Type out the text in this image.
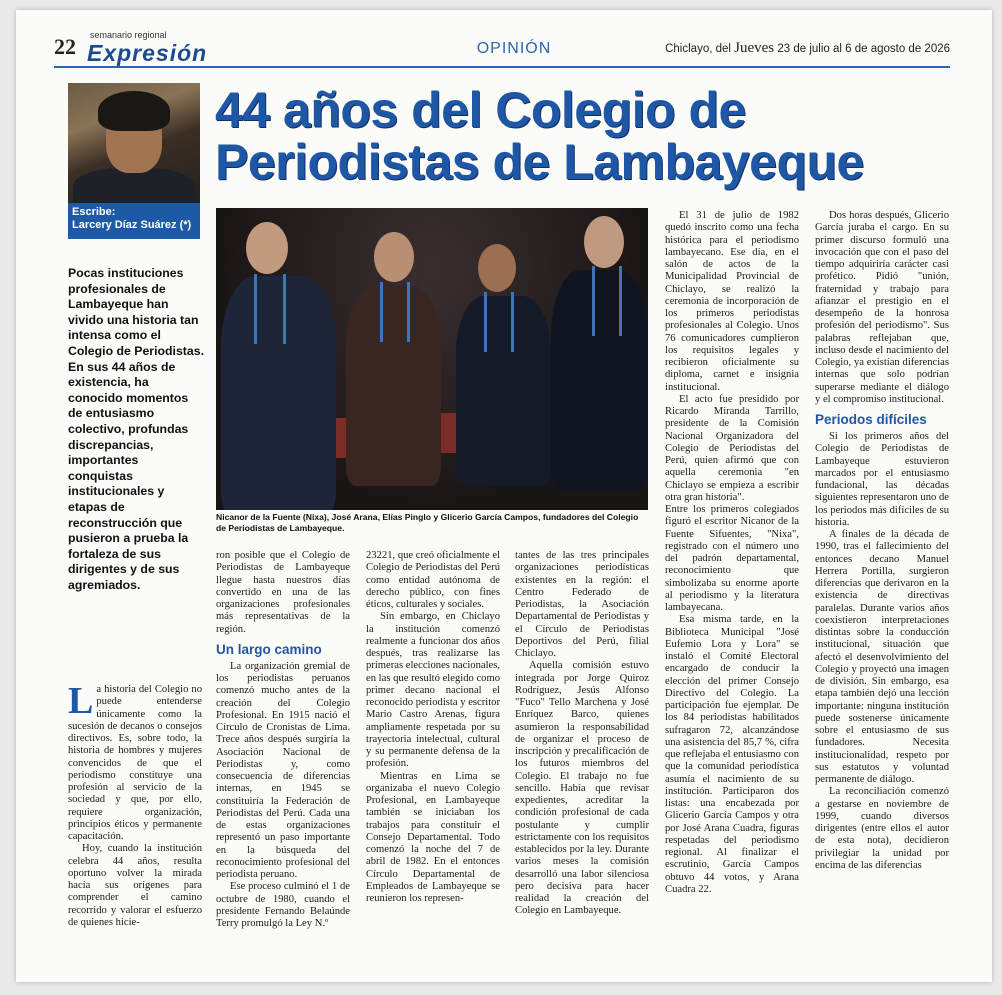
22 semanario regional
Expresión	OPINIÓN	Chiclayo, del Jueves 23 de julio al 6 de agosto de 2026
Escribe:
Larcery Díaz Suárez (*)
44 años del Colegio de Periodistas de Lambayeque
Pocas instituciones profesionales de Lambayeque han vivido una historia tan intensa como el Colegio de Periodistas. En sus 44 años de existencia, ha conocido momentos de entusiasmo colectivo, profundas discrepancias, importantes conquistas institucionales y etapas de reconstrucción que pusieron a prueba la fortaleza de sus dirigentes y de sus agremiados.
Nicanor de la Fuente (Nixa), José Arana, Elías Pinglo y Glicerio García Campos, fundadores del Colegio de Periodistas de Lambayeque.

La historia del Colegio no puede entenderse únicamente como la sucesión de decanos o consejos directivos. Es, sobre todo, la historia de hombres y mujeres convencidos de que el periodismo constituye una profesión al servicio de la sociedad y que, por ello, requiere organización, principios éticos y permanente capacitación.

Hoy, cuando la institución celebra 44 años, resulta oportuno volver la mirada hacia sus orígenes para comprender el camino recorrido y valorar el esfuerzo de quienes hicie-

ron posible que el Colegio de Periodistas de Lambayeque llegue hasta nuestros días convertido en una de las organizaciones profesionales más representativas de la región.

Un largo camino

La organización gremial de los periodistas peruanos comenzó mucho antes de la creación del Colegio Profesional. En 1915 nació el Círculo de Cronistas de Lima. Trece años después surgiría la Asociación Nacional de Periodistas y, como consecuencia de diferencias internas, en 1945 se constituiría la Federación de Periodistas del Perú. Cada una de estas organizaciones representó un paso importante en la búsqueda del reconocimiento profesional del periodista peruano.

Ese proceso culminó el 1 de octubre de 1980, cuando el presidente Fernando Belaúnde Terry promulgó la Ley N.º

23221, que creó oficialmente el Colegio de Periodistas del Perú como entidad autónoma de derecho público, con fines éticos, culturales y sociales.

Sin embargo, en Chiclayo la institución comenzó realmente a funcionar dos años después, tras realizarse las primeras elecciones nacionales, en las que resultó elegido como primer decano nacional el reconocido periodista y escritor Mario Castro Arenas, figura ampliamente respetada por su trayectoria intelectual, cultural y su permanente defensa de la profesión.

Mientras en Lima se organizaba el nuevo Colegio Profesional, en Lambayeque también se iniciaban los trabajos para constituir el Consejo Departamental. Todo comenzó la noche del 7 de abril de 1982. En el entonces Círculo Departamental de Empleados de Lambayeque se reunieron los represen-

tantes de las tres principales organizaciones periodísticas existentes en la región: el Centro Federado de Periodistas, la Asociación Departamental de Periodistas y el Círculo de Periodistas Deportivos del Perú, filial Chiclayo.

Aquella comisión estuvo integrada por Jorge Quiroz Rodríguez, Jesús Alfonso "Fuco" Tello Marchena y José Enríquez Barco, quienes asumieron la responsabilidad de organizar el proceso de inscripción y precalificación de los futuros miembros del Colegio. El trabajo no fue sencillo. Había que revisar expedientes, acreditar la condición profesional de cada postulante y cumplir estrictamente con los requisitos establecidos por la ley. Durante varios meses la comisión desarrolló una labor silenciosa pero decisiva para hacer realidad la creación del Colegio en Lambayeque.

El 31 de julio de 1982 quedó inscrito como una fecha histórica para el periodismo lambayecano. Ese día, en el salón de actos de la Municipalidad Provincial de Chiclayo, se realizó la ceremonia de incorporación de los primeros periodistas profesionales al Colegio. Unos 76 comunicadores cumplieron los requisitos legales y recibieron oficialmente su diploma, carnet e insignia institucional.

El acto fue presidido por Ricardo Miranda Tarrillo, presidente de la Comisión Nacional Organizadora del Colegio de Periodistas del Perú, quien afirmó que con aquella ceremonia "en Chiclayo se empieza a escribir otra gran historia".

Entre los primeros colegiados figuró el escritor Nicanor de la Fuente Sifuentes, "Nixa", registrado con el número uno del padrón departamental, reconocimiento que simbolizaba su enorme aporte al periodismo y la literatura lambayecana.

Esa misma tarde, en la Biblioteca Municipal "José Eufemio Lora y Lora" se instaló el Comité Electoral encargado de conducir la elección del primer Consejo Directivo del Colegio. La participación fue ejemplar. De los 84 periodistas habilitados sufragaron 72, alcanzándose una asistencia del 85,7 %, cifra que reflejaba el entusiasmo con que la comunidad periodística asumía el nacimiento de su institución. Participaron dos listas: una encabezada por Glicerio García Campos y otra por José Arana Cuadra, figuras respetadas del periodismo regional. Al finalizar el escrutinio, García Campos obtuvo 44 votos, y Arana Cuadra 22.

Dos horas después, Glicerio García juraba el cargo. En su primer discurso formuló una invocación que con el paso del tiempo adquiriría carácter casi profético. Pidió "unión, fraternidad y trabajo para afianzar el prestigio en el desempeño de la honrosa profesión del periodismo". Sus palabras reflejaban que, incluso desde el nacimiento del Colegio, ya existían diferencias internas que solo podrían superarse mediante el diálogo y el compromiso institucional.

Periodos difíciles

Si los primeros años del Colegio de Periodistas de Lambayeque estuvieron marcados por el entusiasmo fundacional, las décadas siguientes representaron uno de los periodos más difíciles de su historia.

A finales de la década de 1990, tras el fallecimiento del entonces decano Manuel Herrera Portilla, surgieron diferencias que derivaron en la existencia de directivas paralelas. Durante varios años coexistieron interpretaciones distintas sobre la conducción institucional, situación que afectó el desenvolvimiento del Colegio y proyectó una imagen de división. Sin embargo, esa etapa también dejó una lección importante: ninguna institución puede sostenerse únicamente sobre el entusiasmo de sus fundadores. Necesita institucionalidad, respeto por sus estatutos y voluntad permanente de diálogo.

La reconciliación comenzó a gestarse en noviembre de 1999, cuando diversos dirigentes (entre ellos el autor de esta nota), decidieron privilegiar la unidad por encima de las diferencias
